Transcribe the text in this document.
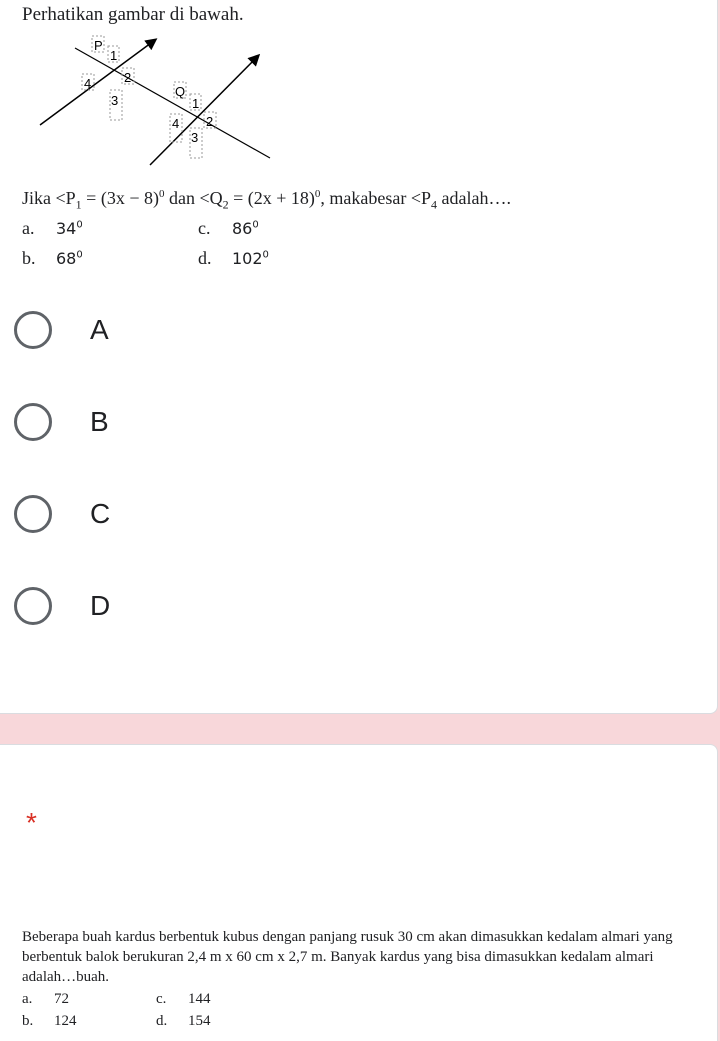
Perhatikan gambar di bawah.
P
1
2
3
4
Q
1
2
3
4
Jika $<P_1 = (3x - 8)^0$ dan $<Q_2 = (2x + 18)^0$, makabesar $<P_4$ adalah….
a. $34^0$	c. $86^0$
b. $68^0$	d. $102^0$
A
B
C
D
*
Beberapa buah kardus berbentuk kubus dengan panjang rusuk 30 cm akan dimasukkan kedalam almari yang berbentuk balok berukuran 2,4 m x 60 cm x 2,7 m. Banyak kardus yang bisa dimasukkan kedalam almari adalah…buah.
a. 72	c. 144
b. 124	d. 154
